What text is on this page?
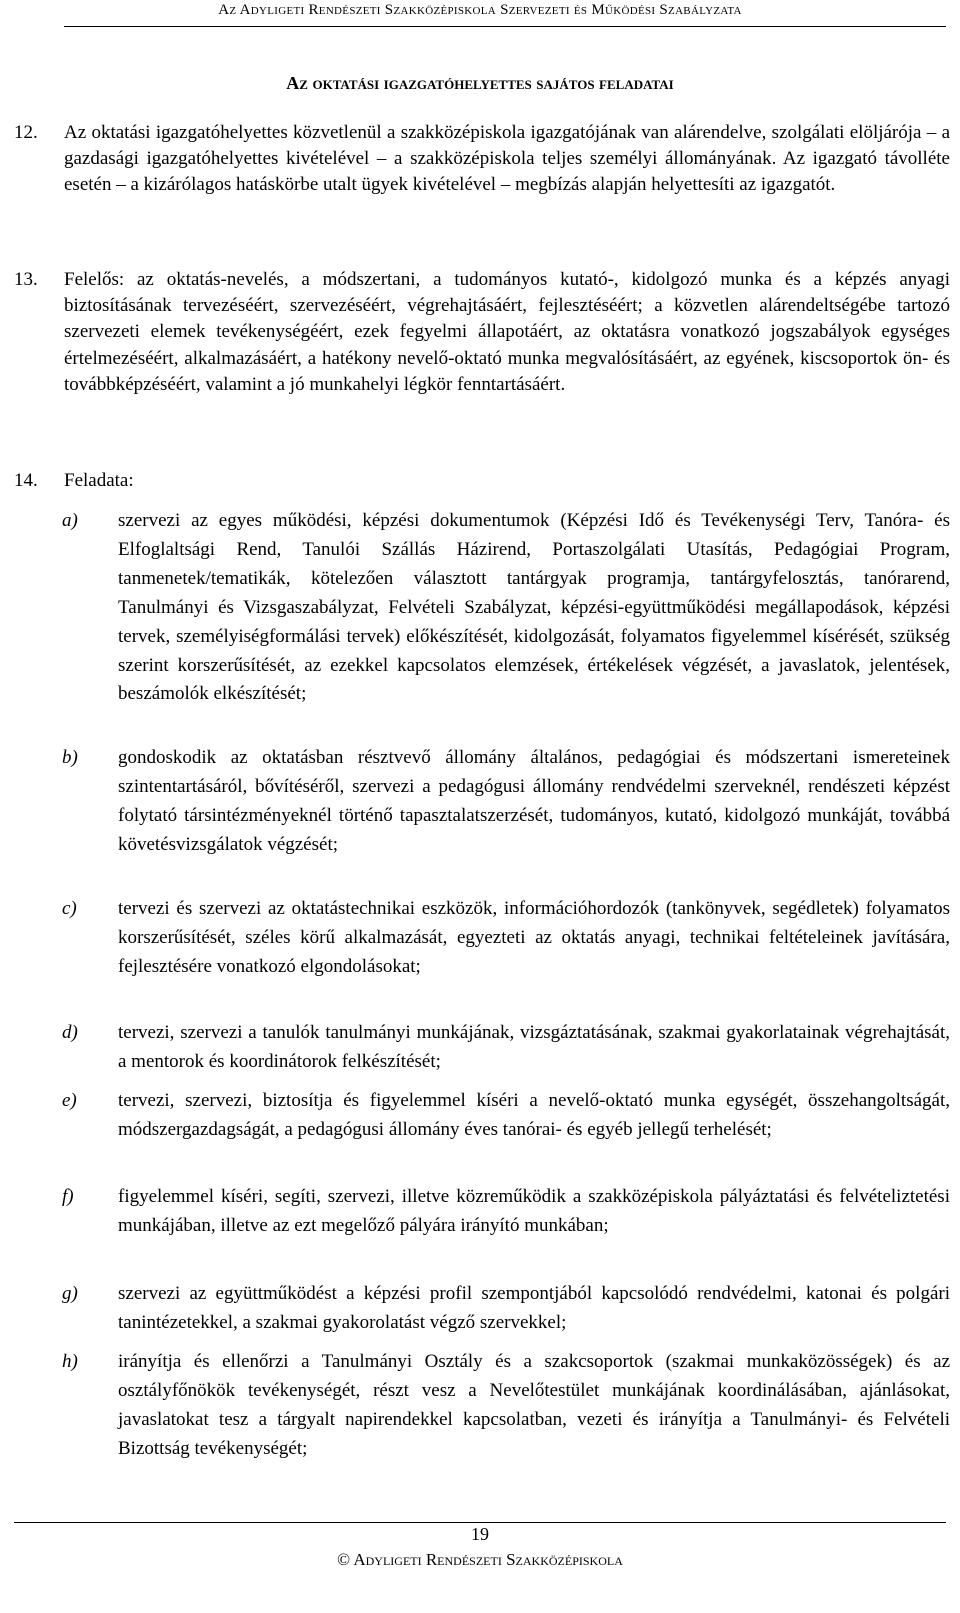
Az Adyligeti Rendészeti Szakközépiskola Szervezeti és Működési Szabályzata
Az oktatási igazgatóhelyettes sajátos feladatai
12.	Az oktatási igazgatóhelyettes közvetlenül a szakközépiskola igazgatójának van alárendelve, szolgálati elöljárója – a gazdasági igazgatóhelyettes kivételével – a szakközépiskola teljes személyi állományának. Az igazgató távolléte esetén – a kizárólagos hatáskörbe utalt ügyek kivételével – megbízás alapján helyettesíti az igazgatót.
13.	Felelős: az oktatás-nevelés, a módszertani, a tudományos kutató-, kidolgozó munka és a képzés anyagi biztosításának tervezéséért, szervezéséért, végrehajtásáért, fejlesztéséért; a közvetlen alárendeltségébe tartozó szervezeti elemek tevékenységéért, ezek fegyelmi állapotáért, az oktatásra vonatkozó jogszabályok egységes értelmezéséért, alkalmazásáért, a hatékony nevelő-oktató munka megvalósításáért, az egyének, kiscsoportok ön- és továbbképzéséért, valamint a jó munkahelyi légkör fenntartásáért.
14.	Feladata:
a) szervezi az egyes működési, képzési dokumentumok (Képzési Idő és Tevékenységi Terv, Tanóra- és Elfoglaltsági Rend, Tanulói Szállás Házirend, Portaszolgálati Utasítás, Pedagógiai Program, tanmenetek/tematikák, kötelezően választott tantárgyak programja, tantárgyfelosztás, tanórarend, Tanulmányi és Vizsgaszabályzat, Felvételi Szabályzat, képzési-együttműködési megállapodások, képzési tervek, személyiségformálási tervek) előkészítését, kidolgozását, folyamatos figyelemmel kísérését, szükség szerint korszerűsítését, az ezekkel kapcsolatos elemzések, értékelések végzését, a javaslatok, jelentések, beszámolók elkészítését;
b) gondoskodik az oktatásban résztvevő állomány általános, pedagógiai és módszertani ismereteinek szintentartásáról, bővítéséről, szervezi a pedagógusi állomány rendvédelmi szerveknél, rendészeti képzést folytató társintézményeknél történő tapasztalatszerzését, tudományos, kutató, kidolgozó munkáját, továbbá követésvizsgálatok végzését;
c) tervezi és szervezi az oktatástechnikai eszközök, információhordozók (tankönyvek, segédletek) folyamatos korszerűsítését, széles körű alkalmazását, egyezteti az oktatás anyagi, technikai feltételeinek javítására, fejlesztésére vonatkozó elgondolásokat;
d) tervezi, szervezi a tanulók tanulmányi munkájának, vizsgáztatásának, szakmai gyakorlatainak végrehajtását, a mentorok és koordinátorok felkészítését;
e) tervezi, szervezi, biztosítja és figyelemmel kíséri a nevelő-oktató munka egységét, összehangoltságát, módszergazdagságát, a pedagógusi állomány éves tanórai- és egyéb jellegű terhelését;
f) figyelemmel kíséri, segíti, szervezi, illetve közreműködik a szakközépiskola pályáztatási és felvételiztetési munkájában, illetve az ezt megelőző pályára irányító munkában;
g) szervezi az együttműködést a képzési profil szempontjából kapcsolódó rendvédelmi, katonai és polgári tanintézetekkel, a szakmai gyakorolatást végző szervekkel;
h) irányítja és ellenőrzi a Tanulmányi Osztály és a szakcsoportok (szakmai munkaközösségek) és az osztályfőnökök tevékenységét, részt vesz a Nevelőtestület munkájának koordinálásában, ajánlásokat, javaslatokat tesz a tárgyalt napirendekkel kapcsolatban, vezeti és irányítja a Tanulmányi- és Felvételi Bizottság tevékenységét;
19
© Adyligeti Rendészeti Szakközépiskola
